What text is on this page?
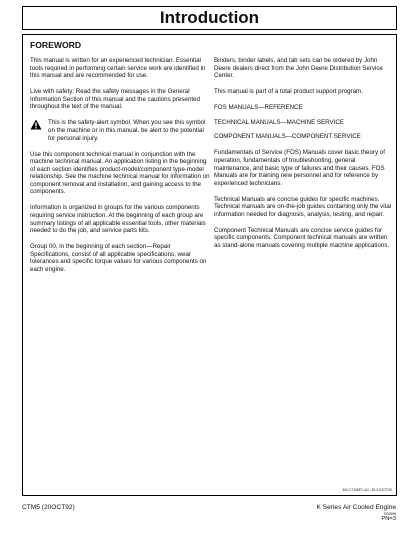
Introduction
FOREWORD

This manual is written for an experienced technician. Essential tools required in performing certain service work are identified in this manual and are recommended for use.

Live with safety: Read the safety messages in the General Information Section of this manual and the cautions presented throughout the text of the manual.

This is the safety-alert symbol. When you see this symbol on the machine or in this manual, be alert to the potential for personal injury.

Use this component technical manual in conjunction with the machine technical manual. An application listing in the beginning of each section identifies product-model/component type-model relationship. See the machine technical manual for information on component removal and installation, and gaining access to the components.

Information is organized in groups for the various components requiring service instruction. At the beginning of each group are summary listings of all applicable essential tools, other materials needed to do the job, and service parts kits.

Group 00, in the beginning of each section—Repair Specifications, consist of all applicable specifications, wear tolerances and specific torque values for various components on each engine.

Binders, binder labels, and tab sets can be ordered by John Deere dealers direct from the John Deere Distribution Service Center.

This manual is part of a total product support program.

FOS MANUALS—REFERENCE

TECHNICAL MANUALS—MACHINE SERVICE

COMPONENT MANUALS—COMPONENT SERVICE

Fundamentals of Service (FOS) Manuals cover basic theory of operation, fundamentals of troubleshooting, general maintenance, and basic type of failures and their causes. FOS Manuals are for training new personnel and for reference by experienced technicians.

Technical Manuals are concise guides for specific machines. Technical manuals are on-the-job guides containing only the vital information needed for diagnosis, analysis, testing, and repair.

Component Technical Manuals are concise service guides for specific components. Component technical manuals are written as stand-alone manuals covering multiple machine applications.

MX,CTM5FC,A1 -19-21OCT92
CTM5 (20OCT92)	K Series Air Cooled Engine
020996
PN=3
